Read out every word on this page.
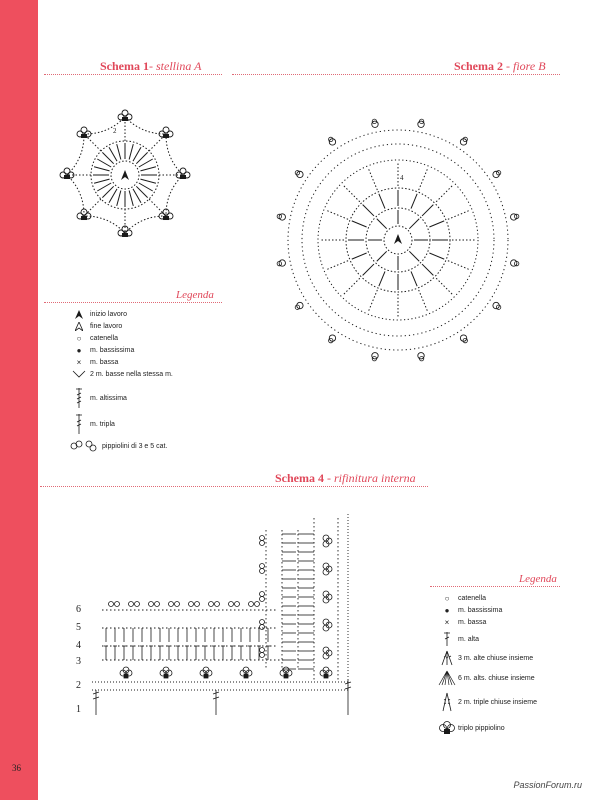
36
PassionForum.ru
Schema 1- stellina A	Schema 2 - fiore B
2
4
Legenda
inizio lavoro
fine lavoro
○	catenella
●	m. bassissima
×	m. bassa
2 m. basse nella stessa m.
m. altissima
m. tripla
pippiolini di 3 e 5 cat.
Schema 4 - rifinitura interna
6
5
4
3
2
1
Legenda
○	catenella
●	m. bassissima
×	m. bassa
m. alta
3 m. alte chiuse insieme
6 m. alts. chiuse insieme
2 m. triple chiuse insieme
triplo pippiolino
